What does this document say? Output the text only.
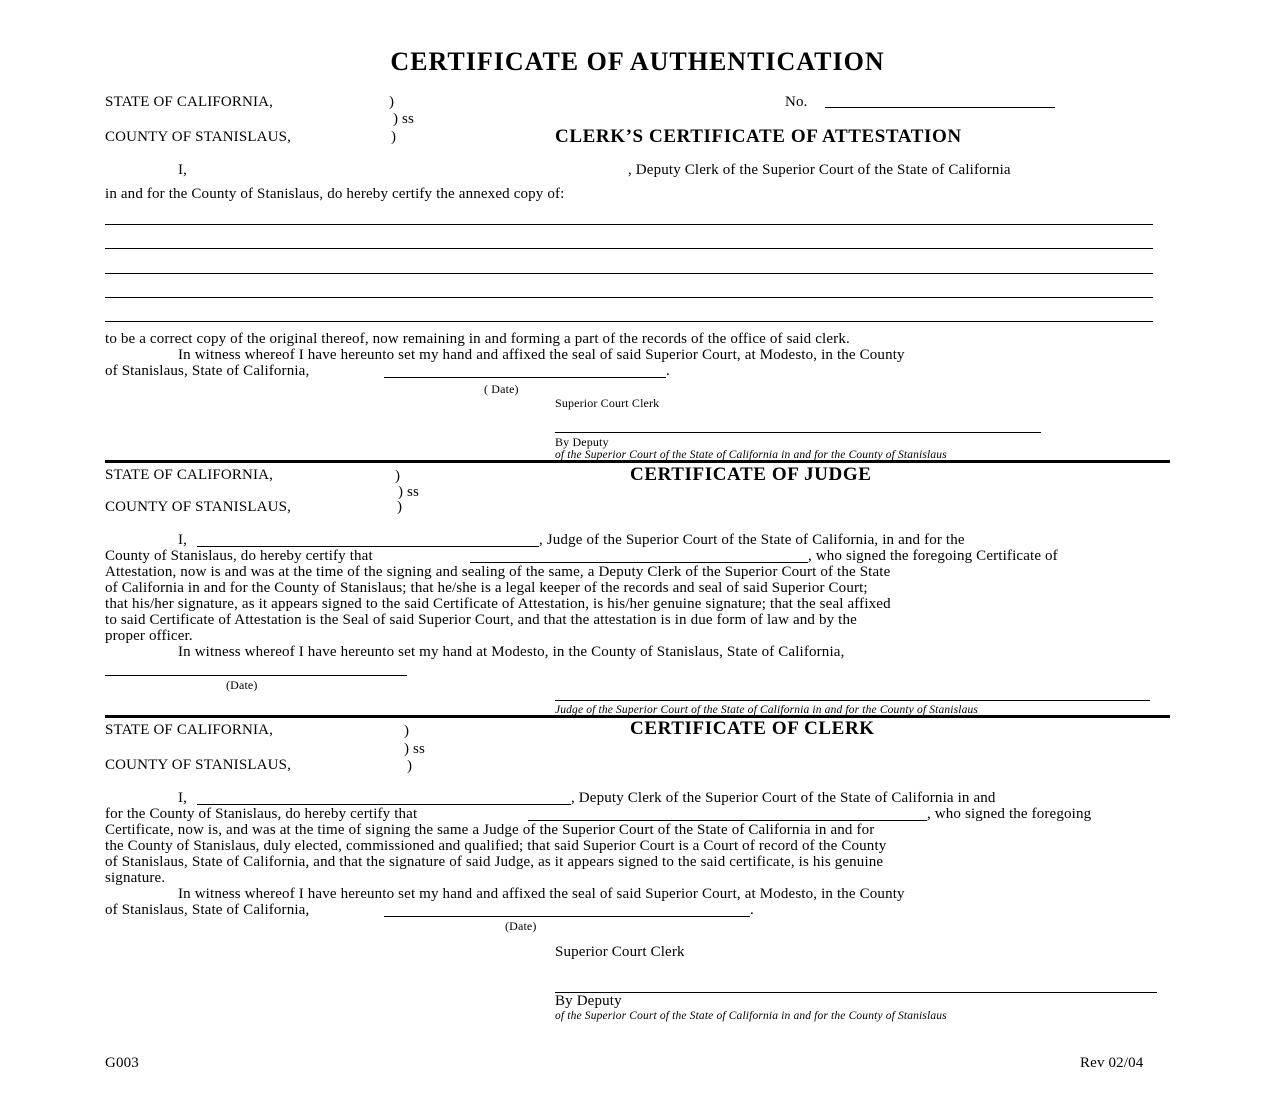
CERTIFICATE OF AUTHENTICATION
STATE OF CALIFORNIA,	)
) ss
COUNTY OF STANISLAUS,	)
No.
CLERK’S CERTIFICATE OF ATTESTATION
I,	, Deputy Clerk of the Superior Court of the State of California
in and for the County of Stanislaus, do hereby certify the annexed copy of:
to be a correct copy of the original thereof, now remaining in and forming a part of the records of the office of said clerk.
In witness whereof I have hereunto set my hand and affixed the seal of said Superior Court, at Modesto, in the County
of Stanislaus, State of California,	.
( Date)
Superior Court Clerk
By Deputy
of the Superior Court of the State of California in and for the County of Stanislaus
STATE OF CALIFORNIA,	)
) ss
COUNTY OF STANISLAUS,	)
CERTIFICATE OF JUDGE
I,	, Judge of the Superior Court of the State of California, in and for the
County of Stanislaus, do hereby certify that	, who signed the foregoing Certificate of
Attestation, now is and was at the time of the signing and sealing of the same, a Deputy Clerk of the Superior Court of the State
of California in and for the County of Stanislaus; that he/she is a legal keeper of the records and seal of said Superior Court;
that his/her signature, as it appears signed to the said Certificate of Attestation, is his/her genuine signature; that the seal affixed
to said Certificate of Attestation is the Seal of said Superior Court, and that the attestation is in due form of law and by the
proper officer.
In witness whereof I have hereunto set my hand at Modesto, in the County of Stanislaus, State of California,
(Date)
Judge of the Superior Court of the State of California in and for the County of Stanislaus
STATE OF CALIFORNIA,	)
) ss
COUNTY OF STANISLAUS,	)
CERTIFICATE OF CLERK
I,	, Deputy Clerk of the Superior Court of the State of California in and
for the County of Stanislaus, do hereby certify that	, who signed the foregoing
Certificate, now is, and was at the time of signing the same a Judge of the Superior Court of the State of California in and for
the County of Stanislaus, duly elected, commissioned and qualified; that said Superior Court is a Court of record of the County
of Stanislaus, State of California, and that the signature of said Judge, as it appears signed to the said certificate, is his genuine
signature.
In witness whereof I have hereunto set my hand and affixed the seal of said Superior Court, at Modesto, in the County
of Stanislaus, State of California,	.
(Date)
Superior Court Clerk
By Deputy
of the Superior Court of the State of California in and for the County of Stanislaus
G003	Rev 02/04
